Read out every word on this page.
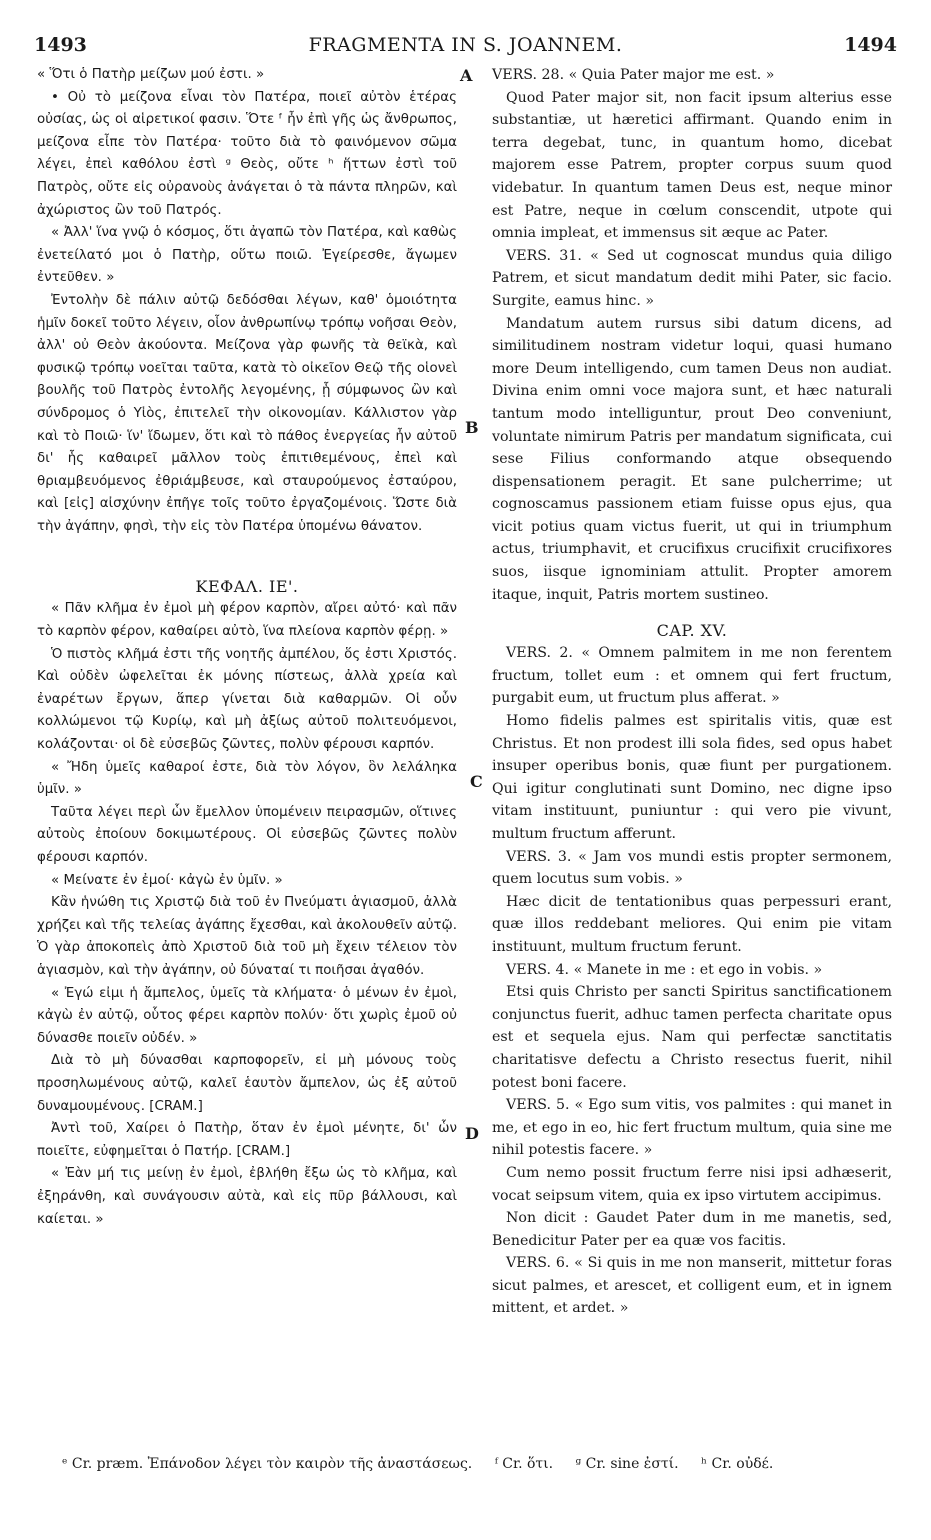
1493	FRAGMENTA IN S. JOANNEM.	1494
A
B
C
D

« Ὅτι ὁ Πατὴρ μείζων μού ἐστι. »

• Οὐ τὸ μείζονα εἶναι τὸν Πατέρα, ποιεῖ αὐτὸν ἑτέρας οὐσίας, ὡς οἱ αἱρετικοί φασιν. Ὅτε ᶠ ἦν ἐπὶ γῆς ὡς ἄνθρωπος, μείζονα εἶπε τὸν Πατέρα· τοῦτο διὰ τὸ φαινόμενον σῶμα λέγει, ἐπεὶ καθόλου ἐστὶ ᵍ Θεὸς, οὔτε ʰ ἥττων ἐστὶ τοῦ Πατρὸς, οὔτε εἰς οὐρανοὺς ἀνάγεται ὁ τὰ πάντα πληρῶν, καὶ ἀχώριστος ὢν τοῦ Πατρός.

« Ἀλλ' ἵνα γνῷ ὁ κόσμος, ὅτι ἀγαπῶ τὸν Πατέρα, καὶ καθὼς ἐνετείλατό μοι ὁ Πατὴρ, οὕτω ποιῶ. Ἐγείρεσθε, ἄγωμεν ἐντεῦθεν. »

Ἐντολὴν δὲ πάλιν αὐτῷ δεδόσθαι λέγων, καθ' ὁμοιότητα ἡμῖν δοκεῖ τοῦτο λέγειν, οἷον ἀνθρωπίνῳ τρόπῳ νοῆσαι Θεὸν, ἀλλ' οὐ Θεὸν ἀκούοντα. Μείζονα γὰρ φωνῆς τὰ θεϊκὰ, καὶ φυσικῷ τρόπῳ νοεῖται ταῦτα, κατὰ τὸ οἰκεῖον Θεῷ τῆς οἱονεὶ βουλῆς τοῦ Πατρὸς ἐντολῆς λεγομένης, ᾗ σύμφωνος ὢν καὶ σύνδρομος ὁ Υἱὸς, ἐπιτελεῖ τὴν οἰκονομίαν. Κάλλιστον γὰρ καὶ τὸ Ποιῶ· ἵν' ἴδωμεν, ὅτι καὶ τὸ πάθος ἐνεργείας ἦν αὐτοῦ δι' ἧς καθαιρεῖ μᾶλλον τοὺς ἐπιτιθεμένους, ἐπεὶ καὶ θριαμβευόμενος ἐθριάμβευσε, καὶ σταυρούμενος ἐσταύρου, καὶ [εἰς] αἰσχύνην ἐπῆγε τοῖς τοῦτο ἐργαζομένοις. Ὥστε διὰ τὴν ἀγάπην, φησὶ, τὴν εἰς τὸν Πατέρα ὑπομένω θάνατον.

ΚΕΦΑΛ. ΙΕ'.

« Πᾶν κλῆμα ἐν ἐμοὶ μὴ φέρον καρπὸν, αἴρει αὐτό· καὶ πᾶν τὸ καρπὸν φέρον, καθαίρει αὐτὸ, ἵνα πλείονα καρπὸν φέρῃ. »

Ὁ πιστὸς κλῆμά ἐστι τῆς νοητῆς ἀμπέλου, ὅς ἐστι Χριστός. Καὶ οὐδὲν ὠφελεῖται ἐκ μόνης πίστεως, ἀλλὰ χρεία καὶ ἐναρέτων ἔργων, ἅπερ γίνεται διὰ καθαρμῶν. Οἱ οὖν κολλώμενοι τῷ Κυρίῳ, καὶ μὴ ἀξίως αὐτοῦ πολιτευόμενοι, κολάζονται· οἱ δὲ εὐσεβῶς ζῶντες, πολὺν φέρουσι καρπόν.

« Ἤδη ὑμεῖς καθαροί ἐστε, διὰ τὸν λόγον, ὃν λελάληκα ὑμῖν. »

Ταῦτα λέγει περὶ ὧν ἔμελλον ὑπομένειν πειρασμῶν, οἵτινες αὐτοὺς ἐποίουν δοκιμωτέρους. Οἱ εὐσεβῶς ζῶντες πολὺν φέρουσι καρπόν.

« Μείνατε ἐν ἐμοί· κἀγὼ ἐν ὑμῖν. »

Κἂν ἡνώθη τις Χριστῷ διὰ τοῦ ἐν Πνεύματι ἁγιασμοῦ, ἀλλὰ χρήζει καὶ τῆς τελείας ἀγάπης ἔχεσθαι, καὶ ἀκολουθεῖν αὐτῷ. Ὁ γὰρ ἀποκοπεὶς ἀπὸ Χριστοῦ διὰ τοῦ μὴ ἔχειν τέλειον τὸν ἁγιασμὸν, καὶ τὴν ἀγάπην, οὐ δύναταί τι ποιῆσαι ἀγαθόν.

« Ἐγώ εἰμι ἡ ἄμπελος, ὑμεῖς τὰ κλήματα· ὁ μένων ἐν ἐμοὶ, κἀγὼ ἐν αὐτῷ, οὗτος φέρει καρπὸν πολύν· ὅτι χωρὶς ἐμοῦ οὐ δύνασθε ποιεῖν οὐδέν. »

Διὰ τὸ μὴ δύνασθαι καρποφορεῖν, εἰ μὴ μόνους τοὺς προσηλωμένους αὐτῷ, καλεῖ ἑαυτὸν ἄμπελον, ὡς ἐξ αὐτοῦ δυναμουμένους. [CRAM.]

Ἀντὶ τοῦ, Χαίρει ὁ Πατὴρ, ὅταν ἐν ἐμοὶ μένητε, δι' ὧν ποιεῖτε, εὐφημεῖται ὁ Πατήρ. [CRAM.]

« Ἐὰν μή τις μείνῃ ἐν ἐμοὶ, ἐβλήθη ἔξω ὡς τὸ κλῆμα, καὶ ἐξηράνθη, καὶ συνάγουσιν αὐτὰ, καὶ εἰς πῦρ βάλλουσι, καὶ καίεται. »

VERS. 28. « Quia Pater major me est. »

Quod Pater major sit, non facit ipsum alterius esse substantiæ, ut hæretici affirmant. Quando enim in terra degebat, tunc, in quantum homo, dicebat majorem esse Patrem, propter corpus suum quod videbatur. In quantum tamen Deus est, neque minor est Patre, neque in cœlum conscendit, utpote qui omnia impleat, et immensus sit æque ac Pater.

VERS. 31. « Sed ut cognoscat mundus quia diligo Patrem, et sicut mandatum dedit mihi Pater, sic facio. Surgite, eamus hinc. »

Mandatum autem rursus sibi datum dicens, ad similitudinem nostram videtur loqui, quasi humano more Deum intelligendo, cum tamen Deus non audiat. Divina enim omni voce majora sunt, et hæc naturali tantum modo intelliguntur, prout Deo conveniunt, voluntate nimirum Patris per mandatum significata, cui sese Filius conformando atque obsequendo dispensationem peragit. Et sane pulcherrime; ut cognoscamus passionem etiam fuisse opus ejus, qua vicit potius quam victus fuerit, ut qui in triumphum actus, triumphavit, et crucifixus crucifixit crucifixores suos, iisque ignominiam attulit. Propter amorem itaque, inquit, Patris mortem sustineo.

CAP. XV.

VERS. 2. « Omnem palmitem in me non ferentem fructum, tollet eum : et omnem qui fert fructum, purgabit eum, ut fructum plus afferat. »

Homo fidelis palmes est spiritalis vitis, quæ est Christus. Et non prodest illi sola fides, sed opus habet insuper operibus bonis, quæ fiunt per purgationem. Qui igitur conglutinati sunt Domino, nec digne ipso vitam instituunt, puniuntur : qui vero pie vivunt, multum fructum afferunt.

VERS. 3. « Jam vos mundi estis propter sermonem, quem locutus sum vobis. »

Hæc dicit de tentationibus quas perpessuri erant, quæ illos reddebant meliores. Qui enim pie vitam instituunt, multum fructum ferunt.

VERS. 4. « Manete in me : et ego in vobis. »

Etsi quis Christo per sancti Spiritus sanctificationem conjunctus fuerit, adhuc tamen perfecta charitate opus est et sequela ejus. Nam qui perfectæ sanctitatis charitatisve defectu a Christo resectus fuerit, nihil potest boni facere.

VERS. 5. « Ego sum vitis, vos palmites : qui manet in me, et ego in eo, hic fert fructum multum, quia sine me nihil potestis facere. »

Cum nemo possit fructum ferre nisi ipsi adhæserit, vocat seipsum vitem, quia ex ipso virtutem accipimus.

Non dicit : Gaudet Pater dum in me manetis, sed, Benedicitur Pater per ea quæ vos facitis.

VERS. 6. « Si quis in me non manserit, mittetur foras sicut palmes, et arescet, et colligent eum, et in ignem mittent, et ardet. »

ᵉ Cr. præm. Ἐπάνοδον λέγει τὸν καιρὸν τῆς ἀναστάσεως. ᶠ Cr. ὅτι. ᵍ Cr. sine ἐστί. ʰ Cr. οὐδέ.
